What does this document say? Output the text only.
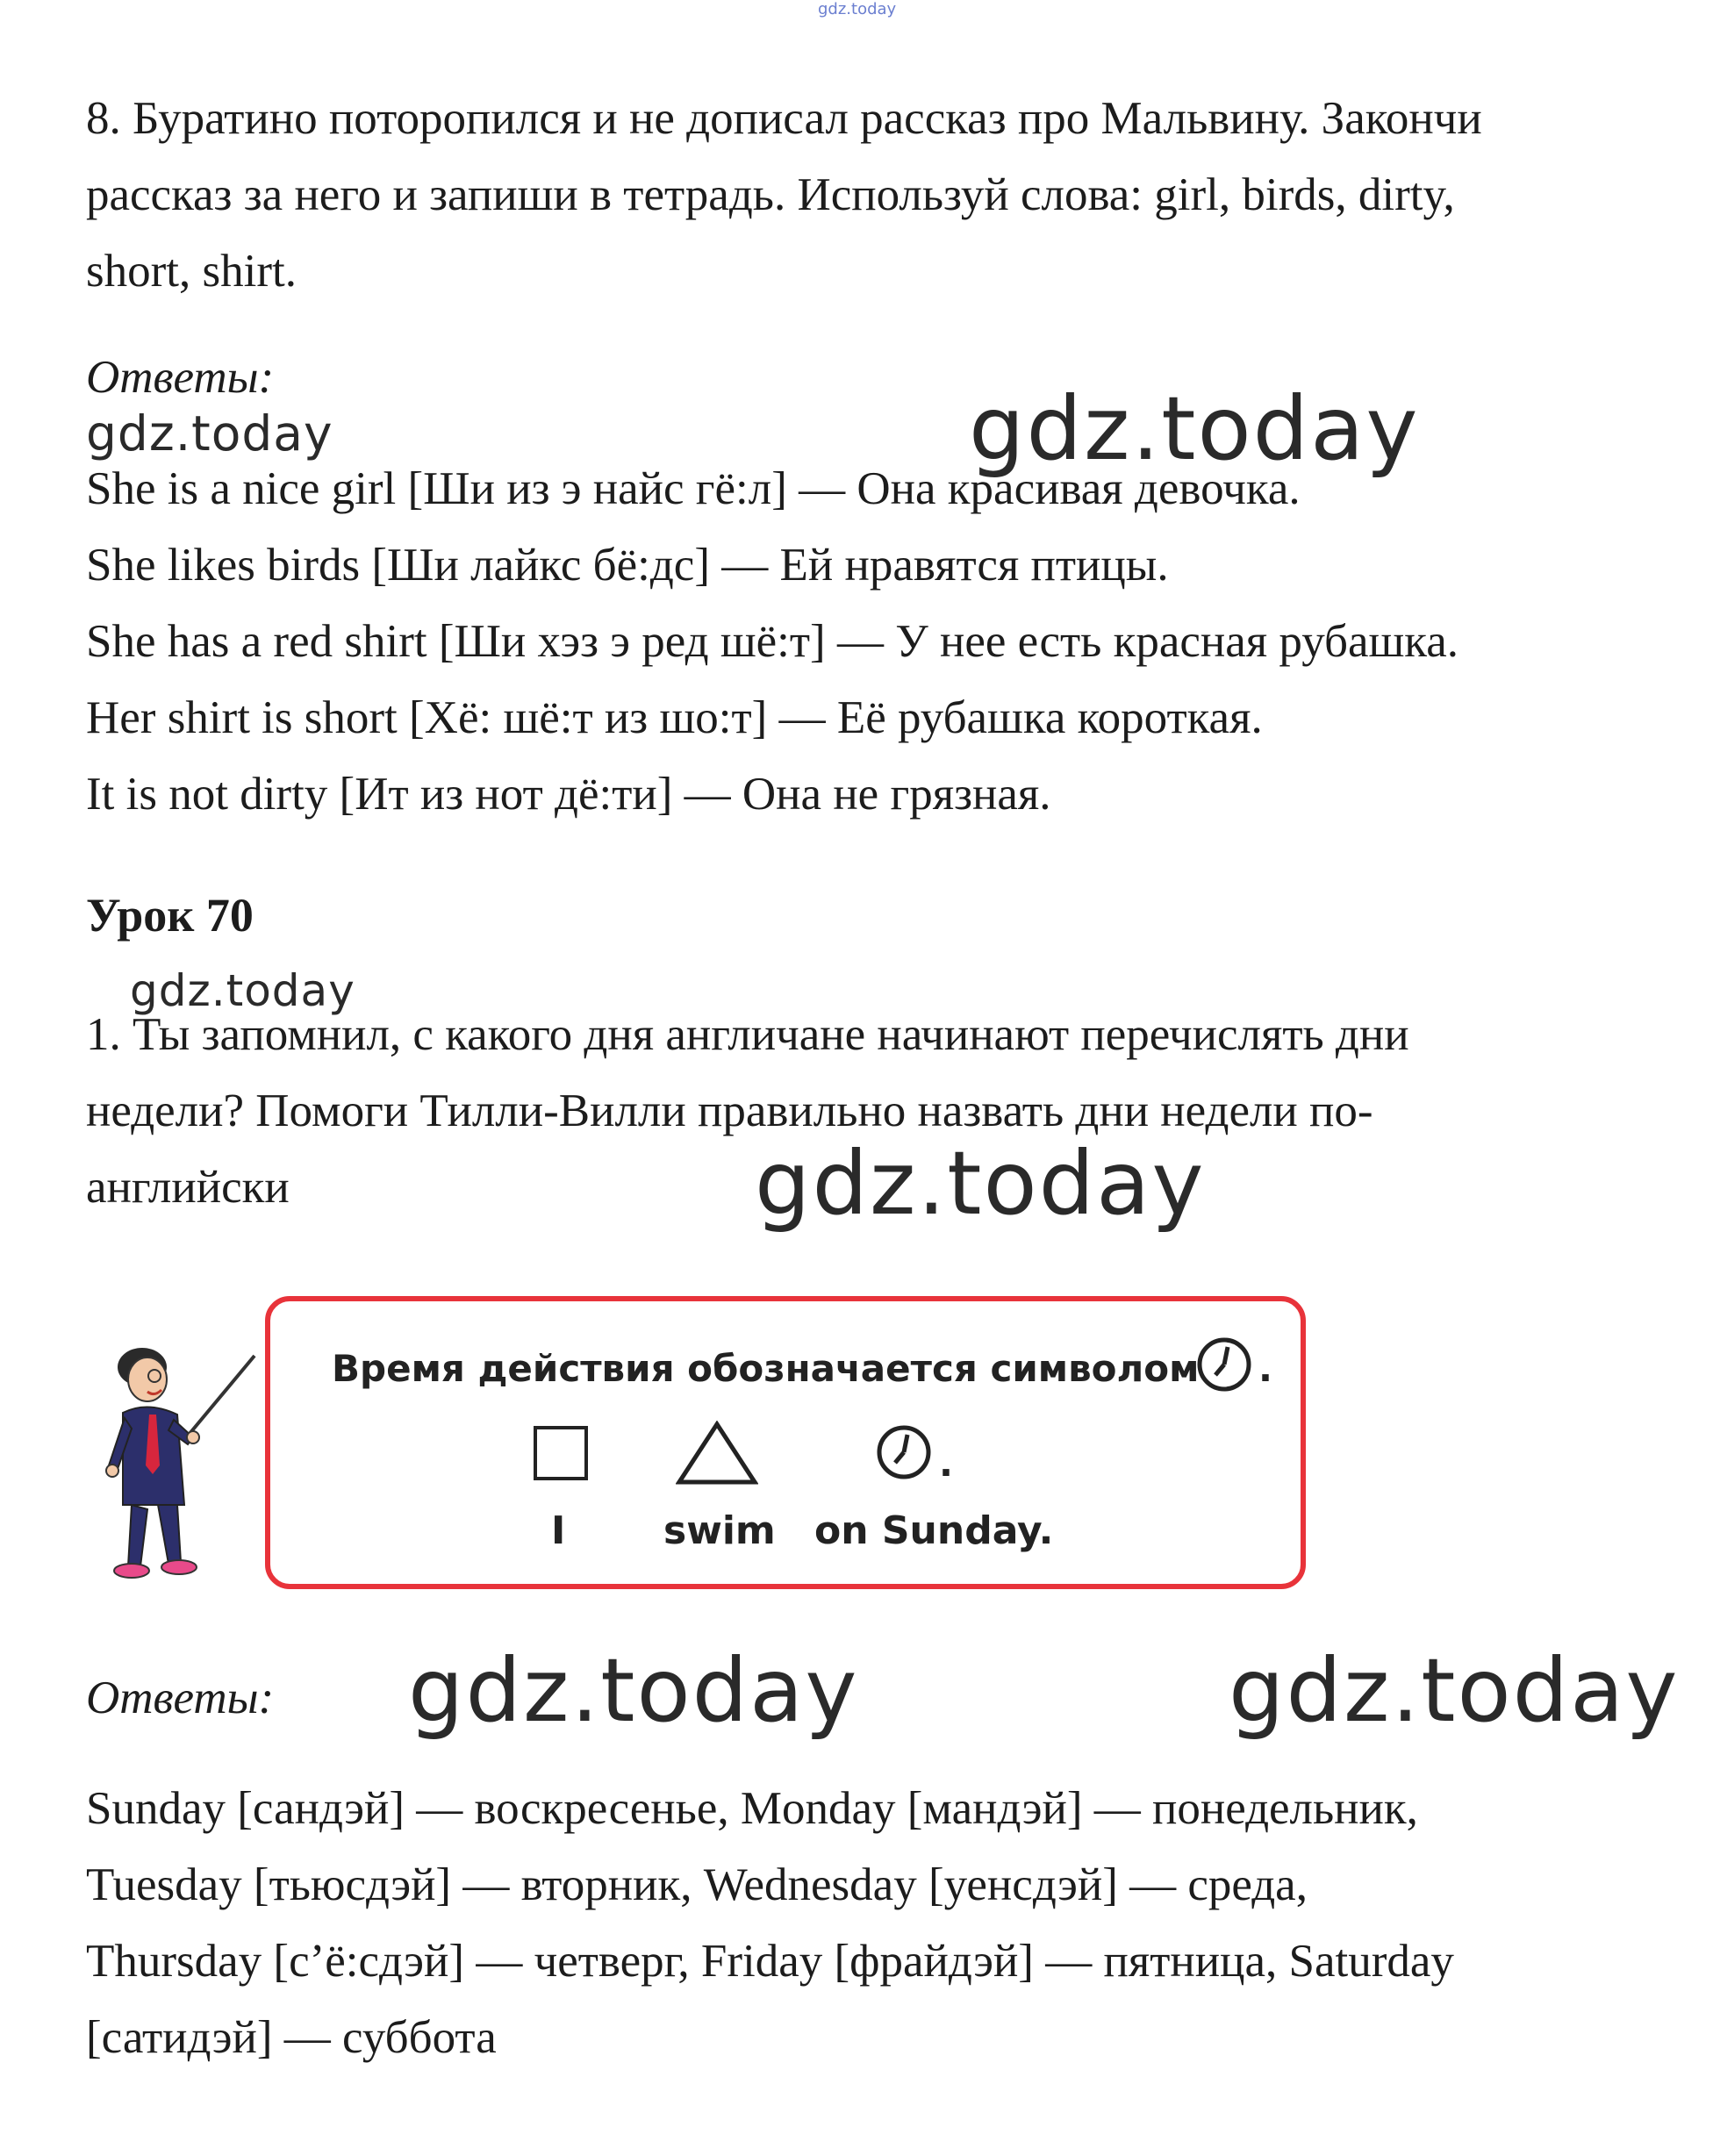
gdz.today
8. Буратино поторопился и не дописал рассказ про Мальвину. Закончи
рассказ за него и запиши в тетрадь. Используй слова: girl, birds, dirty,
short, shirt.
Ответы:
gdz.today	gdz.today
She is a nice girl [Ши из э найс гё:л] — Она красивая девочка.
She likes birds [Ши лайкс бё:дс] — Ей нравятся птицы.
She has a red shirt [Ши хэз э ред шё:т] — У нее есть красная рубашка.
Her shirt is short [Хё: шё:т из шо:т] — Её рубашка короткая.
It is not dirty [Ит из нот дё:ти] — Она не грязная.
Урок 70
gdz.today
1. Ты запомнил, с какого дня англичане начинают перечислять дни
недели? Помоги Тилли-Вилли правильно назвать дни недели по-
английски	gdz.today
Время действия обозначается символом .
.
I	swim on Sunday.
Ответы: gdz.today	gdz.today
Sunday [сандэй] — воскресенье, Monday [мандэй] — понедельник,
Tuesday [тьюсдэй] — вторник, Wednesday [уенсдэй] — среда,
Thursday [с’ё:сдэй] — четверг, Friday [фрайдэй] — пятница, Saturday
[сатидэй] — суббота
